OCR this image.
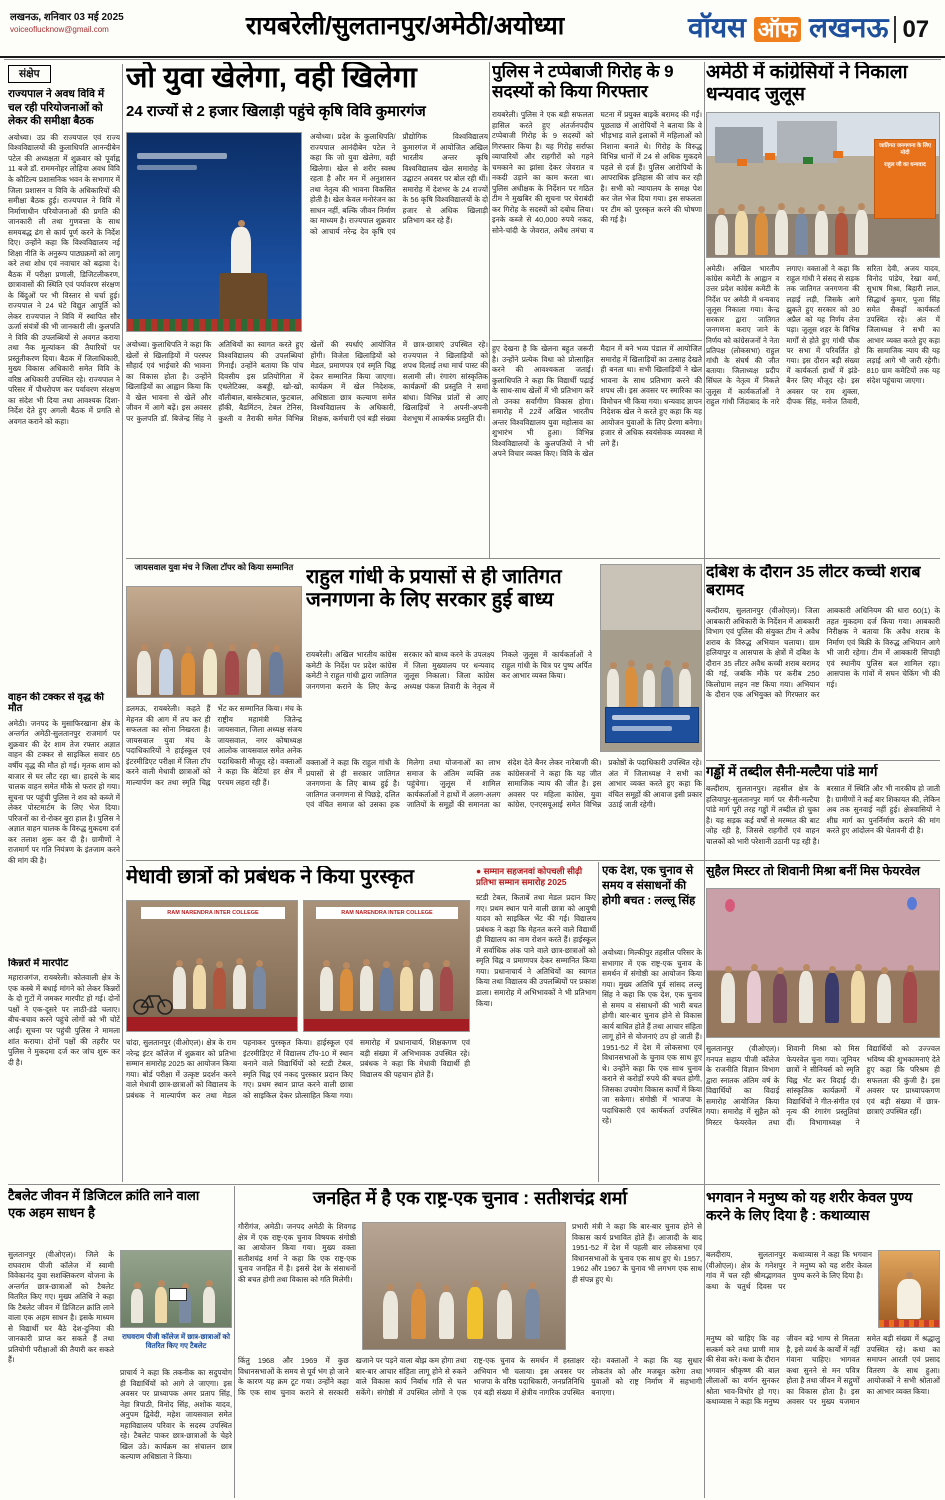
लखनऊ, शनिवार 03 मई 2025
voiceoflucknow@gmail.com	रायबरेली/सुलतानपुर/अमेठी/अयोध्या	वॉयस ऑफ लखनऊ 07
संक्षेप
राज्यपाल ने अवध विवि में चल रही परियोजनाओं को लेकर की समीक्षा बैठक
अयोध्या। उप्र की राज्यपाल एवं राज्य विश्वविद्यालयों की कुलाधिपति आनन्दीबेन पटेल की अध्यक्षता में शुक्रवार को पूर्वाह्न 11 बजे डॉ. राममनोहर लोहिया अवध विवि के कौटिल्य प्रशासनिक भवन के सभागार में जिला प्रशासन व विवि के अधिकारियों की समीक्षा बैठक हुई। राज्यपाल ने विवि में निर्माणाधीन परियोजनाओं की प्रगति की जानकारी ली तथा गुणवत्ता के साथ समयबद्ध ढंग से कार्य पूर्ण करने के निर्देश दिए। उन्होंने कहा कि विश्वविद्यालय नई शिक्षा नीति के अनुरूप पाठ्यक्रमों को लागू करे तथा शोध एवं नवाचार को बढ़ावा दे। बैठक में परीक्षा प्रणाली, डिजिटलीकरण, छात्रावासों की स्थिति एवं पर्यावरण संरक्षण के बिंदुओं पर भी विस्तार से चर्चा हुई। राज्यपाल ने 24 घंटे विद्युत आपूर्ति को लेकर राज्यपाल ने विवि में स्थापित सौर ऊर्जा संयंत्रों की भी जानकारी ली। कुलपति ने विवि की उपलब्धियों से अवगत कराया तथा नैक मूल्यांकन की तैयारियों पर प्रस्तुतीकरण दिया। बैठक में जिलाधिकारी, मुख्य विकास अधिकारी समेत विवि के वरिष्ठ अधिकारी उपस्थित रहे। राज्यपाल ने परिसर में पौधरोपण कर पर्यावरण संरक्षण का संदेश भी दिया तथा आवश्यक दिशा-निर्देश देते हुए अगली बैठक में प्रगति से अवगत कराने को कहा।
वाहन की टक्कर से वृद्ध की मौत
अमेठी। जनपद के मुसाफिरखाना क्षेत्र के अन्तर्गत अमेठी-सुलतानपुर राजमार्ग पर शुक्रवार की देर शाम तेज रफ्तार अज्ञात वाहन की टक्कर से साइकिल सवार 65 वर्षीय वृद्ध की मौत हो गई। मृतक शाम को बाजार से घर लौट रहा था। हादसे के बाद चालक वाहन समेत मौके से फरार हो गया। सूचना पर पहुंची पुलिस ने शव को कब्जे में लेकर पोस्टमार्टम के लिए भेज दिया। परिजनों का रो-रोकर बुरा हाल है। पुलिस ने अज्ञात वाहन चालक के विरुद्ध मुकदमा दर्ज कर तलाश शुरू कर दी है। ग्रामीणों ने राजमार्ग पर गति नियंत्रण के इंतजाम करने की मांग की है।
किन्नरों में मारपीट
महाराजगंज, रायबरेली। कोतवाली क्षेत्र के एक कस्बे में बधाई मांगने को लेकर किन्नरों के दो गुटों में जमकर मारपीट हो गई। दोनों पक्षों ने एक-दूसरे पर लाठी-डंडे चलाए। बीच-बचाव करने पहुंचे लोगों को भी चोटें आईं। सूचना पर पहुंची पुलिस ने मामला शांत कराया। दोनों पक्षों की तहरीर पर पुलिस ने मुकदमा दर्ज कर जांच शुरू कर दी है।
जो युवा खेलेगा, वही खिलेगा
24 राज्यों से 2 हजार खिलाड़ी पहुंचे कृषि विवि कुमारगंज
अयोध्या। प्रदेश के कुलाधिपति/राज्यपाल आनंदीबेन पटेल ने कहा कि जो युवा खेलेगा, वही खिलेगा। खेल से शरीर स्वस्थ रहता है और मन में अनुशासन तथा नेतृत्व की भावना विकसित होती है। खेल केवल मनोरंजन का साधन नहीं, बल्कि जीवन निर्माण का माध्यम है। राज्यपाल शुक्रवार को आचार्य नरेन्द्र देव कृषि एवं प्रौद्योगिक विश्वविद्यालय कुमारगंज में आयोजित अखिल भारतीय अन्तर कृषि विश्वविद्यालय खेल समारोह के उद्घाटन अवसर पर बोल रही थीं। समारोह में देशभर के 24 राज्यों के 56 कृषि विश्वविद्यालयों के दो हजार से अधिक खिलाड़ी प्रतिभाग कर रहे हैं।
अयोध्या। कुलाधिपति ने कहा कि खेलों से खिलाड़ियों में परस्पर सौहार्द एवं भाईचारे की भावना का विकास होता है। उन्होंने खिलाड़ियों का आह्वान किया कि वे खेल भावना से खेलें और जीवन में आगे बढ़ें। इस अवसर पर कुलपति डॉ. बिजेन्द्र सिंह ने अतिथियों का स्वागत करते हुए विश्वविद्यालय की उपलब्धियां गिनाईं। उन्होंने बताया कि पांच दिवसीय इस प्रतियोगिता में एथलेटिक्स, कबड्डी, खो-खो, वॉलीबाल, बास्केटबाल, फुटबाल, हॉकी, बैडमिंटन, टेबल टेनिस, कुश्ती व तैराकी समेत विभिन्न खेलों की स्पर्धाएं आयोजित होंगी। विजेता खिलाड़ियों को मेडल, प्रमाणपत्र एवं स्मृति चिह्न देकर सम्मानित किया जाएगा। कार्यक्रम में खेल निदेशक, अधिष्ठाता छात्र कल्याण समेत विश्वविद्यालय के अधिकारी, शिक्षक, कर्मचारी एवं बड़ी संख्या में छात्र-छात्राएं उपस्थित रहे। राज्यपाल ने खिलाड़ियों को शपथ दिलाई तथा मार्च पास्ट की सलामी ली। रंगारंग सांस्कृतिक कार्यक्रमों की प्रस्तुति ने समां बांधा। विभिन्न प्रांतों से आए खिलाड़ियों ने अपनी-अपनी वेशभूषा में आकर्षक प्रस्तुति दी।
हुए देखना है कि खेलना बहुत जरूरी है। उन्होंने प्रत्येक विधा को प्रोत्साहित करने की आवश्यकता जताई। कुलाधिपति ने कहा कि विद्यार्थी पढ़ाई के साथ-साथ खेलों में भी प्रतिभाग करें तो उनका सर्वांगीण विकास होगा। समारोह में 22वें अखिल भारतीय अन्तर विश्वविद्यालय युवा महोत्सव का शुभारंभ भी हुआ। विभिन्न विश्वविद्यालयों के कुलपतियों ने भी अपने विचार व्यक्त किए। विवि के खेल मैदान में बने भव्य पंडाल में आयोजित समारोह में खिलाड़ियों का उत्साह देखते ही बनता था। सभी खिलाड़ियों ने खेल भावना के साथ प्रतिभाग करने की शपथ ली। इस अवसर पर स्मारिका का विमोचन भी किया गया। धन्यवाद ज्ञापन निदेशक खेल ने करते हुए कहा कि यह आयोजन युवाओं के लिए प्रेरणा बनेगा। हजार से अधिक स्वयंसेवक व्यवस्था में लगे हैं।
जायसवाल युवा मंच ने जिला टॉपर को किया सम्मानित
डलमऊ, रायबरेली। कहते हैं मेहनत की आग में तप कर ही सफलता का सोना निखरता है। जायसवाल युवा मंच के पदाधिकारियों ने हाईस्कूल एवं इंटरमीडिएट परीक्षा में जिला टॉप करने वाली मेधावी छात्राओं को माल्यार्पण कर तथा स्मृति चिह्न भेंट कर सम्मानित किया। मंच के राष्ट्रीय महामंत्री जितेन्द्र जायसवाल, जिला अध्यक्ष संजय जायसवाल, नगर कोषाध्यक्ष आलोक जायसवाल समेत अनेक पदाधिकारी मौजूद रहे। वक्ताओं ने कहा कि बेटियां हर क्षेत्र में परचम लहरा रही हैं।
पुलिस ने टप्पेबाजी गिरोह के 9 सदस्यों को किया गिरफ्तार
रायबरेली। पुलिस ने एक बड़ी सफलता हासिल करते हुए अंतर्जनपदीय टप्पेबाजी गिरोह के 9 सदस्यों को गिरफ्तार किया है। यह गिरोह सर्राफा व्यापारियों और राहगीरों को गहने चमकाने का झांसा देकर जेवरात व नकदी उड़ाने का काम करता था। पुलिस अधीक्षक के निर्देशन पर गठित टीम ने मुखबिर की सूचना पर घेराबंदी कर गिरोह के सदस्यों को दबोच लिया। इनके कब्जे से 40,000 रुपये नकद, सोने-चांदी के जेवरात, अवैध तमंचा व घटना में प्रयुक्त बाइकें बरामद की गईं। पूछताछ में आरोपियों ने बताया कि वे भीड़भाड़ वाले इलाकों में महिलाओं को निशाना बनाते थे। गिरोह के विरुद्ध विभिन्न थानों में 24 से अधिक मुकदमे पहले से दर्ज हैं। पुलिस आरोपियों के आपराधिक इतिहास की जांच कर रही है। सभी को न्यायालय के समक्ष पेश कर जेल भेज दिया गया। इस सफलता पर टीम को पुरस्कृत करने की घोषणा की गई है।
अमेठी में कांग्रेसियों ने निकाला धन्यवाद जुलूस
जातिगत जनगणना के लिए मोदी
राहुल जी का धन्यवाद
अमेठी। अखिल भारतीय कांग्रेस कमेटी के आह्वान व उत्तर प्रदेश कांग्रेस कमेटी के निर्देश पर अमेठी में धन्यवाद जुलूस निकाला गया। केन्द्र सरकार द्वारा जातिगत जनगणना कराए जाने के निर्णय को कांग्रेसजनों ने नेता प्रतिपक्ष (लोकसभा) राहुल गांधी के संघर्ष की जीत बताया। जिलाध्यक्ष प्रदीप सिंघल के नेतृत्व में निकले जुलूस में कार्यकर्ताओं ने राहुल गांधी जिंदाबाद के नारे लगाए। वक्ताओं ने कहा कि राहुल गांधी ने संसद से सड़क तक जातिगत जनगणना की लड़ाई लड़ी, जिसके आगे झुकते हुए सरकार को 30 अप्रैल को यह निर्णय लेना पड़ा। जुलूस शहर के विभिन्न मार्गों से होते हुए गांधी चौक पर सभा में परिवर्तित हो गया। इस दौरान बड़ी संख्या में कार्यकर्ता हाथों में झंडे-बैनर लिए मौजूद रहे। इस अवसर पर राम शुक्ला, दीपक सिंह, मनोज तिवारी, सरिता देवी, अजय यादव, विनोद पांडेय, रेखा वर्मा, सुभाष मिश्रा, बिहारी लाल, सिद्धार्थ कुमार, पूजा सिंह समेत सैकड़ों कार्यकर्ता उपस्थित रहे। अंत में जिलाध्यक्ष ने सभी का आभार व्यक्त करते हुए कहा कि सामाजिक न्याय की यह लड़ाई आगे भी जारी रहेगी। 810 ग्राम कमेटियों तक यह संदेश पहुंचाया जाएगा।
राहुल गांधी के प्रयासों से ही जातिगत जनगणना के लिए सरकार हुई बाध्य
रायबरेली। अखिल भारतीय कांग्रेस कमेटी के निर्देश पर प्रदेश कांग्रेस कमेटी ने राहुल गांधी द्वारा जातिगत जनगणना कराने के लिए केन्द्र सरकार को बाध्य करने के उपलक्ष्य में जिला मुख्यालय पर धन्यवाद जुलूस निकाला। जिला कांग्रेस अध्यक्ष पंकज तिवारी के नेतृत्व में निकले जुलूस में कार्यकर्ताओं ने राहुल गांधी के चित्र पर पुष्प अर्पित कर आभार व्यक्त किया।
वक्ताओं ने कहा कि राहुल गांधी के प्रयासों से ही सरकार जातिगत जनगणना के लिए बाध्य हुई है। जातिगत जनगणना से पिछड़े, दलित एवं वंचित समाज को उसका हक मिलेगा तथा योजनाओं का लाभ समाज के अंतिम व्यक्ति तक पहुंचेगा। जुलूस में शामिल कार्यकर्ताओं ने हाथों में अलग-अलग जातियों के समूहों की समानता का संदेश देते बैनर लेकर नारेबाजी की। कांग्रेसजनों ने कहा कि यह जीत सामाजिक न्याय की जीत है। इस अवसर पर महिला कांग्रेस, युवा कांग्रेस, एनएसयूआई समेत विभिन्न प्रकोष्ठों के पदाधिकारी उपस्थित रहे। अंत में जिलाध्यक्ष ने सभी का आभार व्यक्त करते हुए कहा कि वंचित समूहों की आवाज इसी प्रकार उठाई जाती रहेगी।
दबिश के दौरान 35 लीटर कच्ची शराब बरामद
बल्दीराय, सुलतानपुर (वीओएल)। जिला आबकारी अधिकारी के निर्देशन में आबकारी विभाग एवं पुलिस की संयुक्त टीम ने अवैध शराब के विरुद्ध अभियान चलाया। ग्राम हलियापुर व आसपास के क्षेत्रों में दबिश के दौरान 35 लीटर अवैध कच्ची शराब बरामद की गई, जबकि मौके पर करीब 250 किलोग्राम लहन नष्ट किया गया। अभियान के दौरान एक अभियुक्त को गिरफ्तार कर आबकारी अधिनियम की धारा 60(1) के तहत मुकदमा दर्ज किया गया। आबकारी निरीक्षक ने बताया कि अवैध शराब के निर्माण एवं बिक्री के विरुद्ध अभियान आगे भी जारी रहेगा। टीम में आबकारी सिपाही एवं स्थानीय पुलिस बल शामिल रहा। आसपास के गांवों में सघन चेकिंग भी की गई।
गड्ढों में तब्दील सैनी-मल्टैया पांडे मार्ग
बल्दीराय, सुलतानपुर। तहसील क्षेत्र के हलियापुर-सुलतानपुर मार्ग पर सैनी-मल्टैया पांडे मार्ग पूरी तरह गड्ढों में तब्दील हो चुका है। यह सड़क कई वर्षों से मरम्मत की बाट जोह रही है, जिससे राहगीरों एवं वाहन चालकों को भारी परेशानी उठानी पड़ रही है। बरसात में स्थिति और भी नारकीय हो जाती है। ग्रामीणों ने कई बार शिकायत की, लेकिन अब तक सुनवाई नहीं हुई। क्षेत्रवासियों ने शीघ्र मार्ग का पुनर्निर्माण कराने की मांग करते हुए आंदोलन की चेतावनी दी है।
मेधावी छात्रों को प्रबंधक ने किया पुरस्कृत
RAM NARENDRA INTER COLLEGE	RAM NARENDRA INTER COLLEGE
● सम्मान सहजनवां कोपचली सीढ़ी प्रतिभा सम्मान समारोह 2025
स्टडी टेबल, किताबें तथा मेडल प्रदान किए गए। प्रथम स्थान पाने वाली छात्रा को आयुषी यादव को साइकिल भेंट की गई। विद्यालय प्रबंधक ने कहा कि मेहनत करने वाले विद्यार्थी ही विद्यालय का नाम रोशन करते हैं। हाईस्कूल में सर्वाधिक अंक पाने वाले छात्र-छात्राओं को स्मृति चिह्न व प्रमाणपत्र देकर सम्मानित किया गया। प्रधानाचार्य ने अतिथियों का स्वागत किया तथा विद्यालय की उपलब्धियों पर प्रकाश डाला। समारोह में अभिभावकों ने भी प्रतिभाग किया।
चांदा, सुलतानपुर (वीओएल)। क्षेत्र के राम नरेन्द्र इंटर कॉलेज में शुक्रवार को प्रतिभा सम्मान समारोह 2025 का आयोजन किया गया। बोर्ड परीक्षा में उत्कृष्ट प्रदर्शन करने वाले मेधावी छात्र-छात्राओं को विद्यालय के प्रबंधक ने माल्यार्पण कर तथा मेडल पहनाकर पुरस्कृत किया। हाईस्कूल एवं इंटरमीडिएट में विद्यालय टॉप-10 में स्थान बनाने वाले विद्यार्थियों को स्टडी टेबल, स्मृति चिह्न एवं नकद पुरस्कार प्रदान किए गए। प्रथम स्थान प्राप्त करने वाली छात्रा को साइकिल देकर प्रोत्साहित किया गया। समारोह में प्रधानाचार्य, शिक्षकगण एवं बड़ी संख्या में अभिभावक उपस्थित रहे। प्रबंधक ने कहा कि मेधावी विद्यार्थी ही विद्यालय की पहचान होते हैं।
एक देश, एक चुनाव से समय व संसाधनों की होगी बचत : लल्लू सिंह
अयोध्या। मिल्कीपुर तहसील परिसर के सभागार में एक राष्ट्र-एक चुनाव के समर्थन में संगोष्ठी का आयोजन किया गया। मुख्य अतिथि पूर्व सांसद लल्लू सिंह ने कहा कि एक देश, एक चुनाव से समय व संसाधनों की भारी बचत होगी। बार-बार चुनाव होने से विकास कार्य बाधित होते हैं तथा आचार संहिता लागू होने से योजनाएं ठप हो जाती हैं। 1951-52 में देश में लोकसभा एवं विधानसभाओं के चुनाव एक साथ हुए थे। उन्होंने कहा कि एक साथ चुनाव कराने से करोड़ों रुपये की बचत होगी, जिसका उपयोग विकास कार्यों में किया जा सकेगा। संगोष्ठी में भाजपा के पदाधिकारी एवं कार्यकर्ता उपस्थित रहे।
सुहैल मिस्टर तो शिवानी मिश्रा बनीं मिस फेयरवेल
सुलतानपुर (वीओएल)। गनपत सहाय पीजी कॉलेज के राजनीति विज्ञान विभाग द्वारा स्नातक अंतिम वर्ष के विद्यार्थियों का विदाई समारोह आयोजित किया गया। समारोह में सुहैल को मिस्टर फेयरवेल तथा शिवानी मिश्रा को मिस फेयरवेल चुना गया। जूनियर छात्रों ने सीनियर्स को स्मृति चिह्न भेंट कर विदाई दी। सांस्कृतिक कार्यक्रमों में विद्यार्थियों ने गीत-संगीत एवं नृत्य की रंगारंग प्रस्तुतियां दीं। विभागाध्यक्ष ने विद्यार्थियों को उज्ज्वल भविष्य की शुभकामनाएं देते हुए कहा कि परिश्रम ही सफलता की कुंजी है। इस अवसर पर प्राध्यापकगण एवं बड़ी संख्या में छात्र-छात्राएं उपस्थित रहीं।
टैबलेट जीवन में डिजिटल क्रांति लाने वाला एक अहम साधन है
सुलतानपुर (वीओएल)। जिले के राघवराम पीजी कॉलेज में स्वामी विवेकानंद युवा सशक्तिकरण योजना के अन्तर्गत छात्र-छात्राओं को टैबलेट वितरित किए गए। मुख्य अतिथि ने कहा कि टैबलेट जीवन में डिजिटल क्रांति लाने वाला एक अहम साधन है। इसके माध्यम से विद्यार्थी घर बैठे देश-दुनिया की जानकारी प्राप्त कर सकते हैं तथा प्रतियोगी परीक्षाओं की तैयारी कर सकते हैं।
राघवराम पीजी कॉलेज में छात्र-छात्राओं को वितरित किए गए टैबलेट
प्राचार्य ने कहा कि तकनीक का सदुपयोग ही विद्यार्थियों को आगे ले जाएगा। इस अवसर पर प्राध्यापक अमर प्रताप सिंह, नेहा त्रिपाठी, विनोद सिंह, अशोक यादव, अनुपम द्विवेदी, महेश जायसवाल समेत महाविद्यालय परिवार के सदस्य उपस्थित रहे। टैबलेट पाकर छात्र-छात्राओं के चेहरे खिल उठे। कार्यक्रम का संचालन छात्र कल्याण अधिष्ठाता ने किया।
जनहित में है एक राष्ट्र-एक चुनाव : सतीशचंद्र शर्मा
गौरीगंज, अमेठी। जनपद अमेठी के शिवगढ़ क्षेत्र में एक राष्ट्र-एक चुनाव विषयक संगोष्ठी का आयोजन किया गया। मुख्य वक्ता सतीशचंद्र शर्मा ने कहा कि एक राष्ट्र-एक चुनाव जनहित में है। इससे देश के संसाधनों की बचत होगी तथा विकास को गति मिलेगी।
प्रभारी मंत्री ने कहा कि बार-बार चुनाव होने से विकास कार्य प्रभावित होते हैं। आजादी के बाद 1951-52 में देश में पहली बार लोकसभा एवं विधानसभाओं के चुनाव एक साथ हुए थे। 1957, 1962 और 1967 के चुनाव भी लगभग एक साथ ही संपन्न हुए थे।
किंतु 1968 और 1969 में कुछ विधानसभाओं के समय से पूर्व भंग हो जाने के कारण यह क्रम टूट गया। उन्होंने कहा कि एक साथ चुनाव कराने से सरकारी खजाने पर पड़ने वाला बोझ कम होगा तथा बार-बार आचार संहिता लागू होने से रुकने वाले विकास कार्य निर्बाध गति से चल सकेंगे। संगोष्ठी में उपस्थित लोगों ने एक राष्ट्र-एक चुनाव के समर्थन में हस्ताक्षर अभियान भी चलाया। इस अवसर पर भाजपा के वरिष्ठ पदाधिकारी, जनप्रतिनिधि एवं बड़ी संख्या में क्षेत्रीय नागरिक उपस्थित रहे। वक्ताओं ने कहा कि यह सुधार लोकतंत्र को और मजबूत करेगा तथा युवाओं को राष्ट्र निर्माण में सहभागी बनाएगा।
भगवान ने मनुष्य को यह शरीर केवल पुण्य करने के लिए दिया है : कथाव्यास
बलदीराय, सुलतानपुर (वीओएल)। क्षेत्र के गनेशपुर गांव में चल रही श्रीमद्भागवत कथा के चतुर्थ दिवस पर कथाव्यास ने कहा कि भगवान ने मनुष्य को यह शरीर केवल पुण्य करने के लिए दिया है।
मनुष्य को चाहिए कि वह सत्कर्म करे तथा प्राणी मात्र की सेवा करे। कथा के दौरान भगवान श्रीकृष्ण की बाल लीलाओं का वर्णन सुनकर श्रोता भाव-विभोर हो गए। कथाव्यास ने कहा कि मनुष्य जीवन बड़े भाग्य से मिलता है, इसे व्यर्थ के कार्यों में नहीं गंवाना चाहिए। भागवत कथा सुनने से मन पवित्र होता है तथा जीवन में सद्गुणों का विकास होता है। इस अवसर पर मुख्य यजमान समेत बड़ी संख्या में श्रद्धालु उपस्थित रहे। कथा का समापन आरती एवं प्रसाद वितरण के साथ हुआ। आयोजकों ने सभी श्रोताओं का आभार व्यक्त किया।
